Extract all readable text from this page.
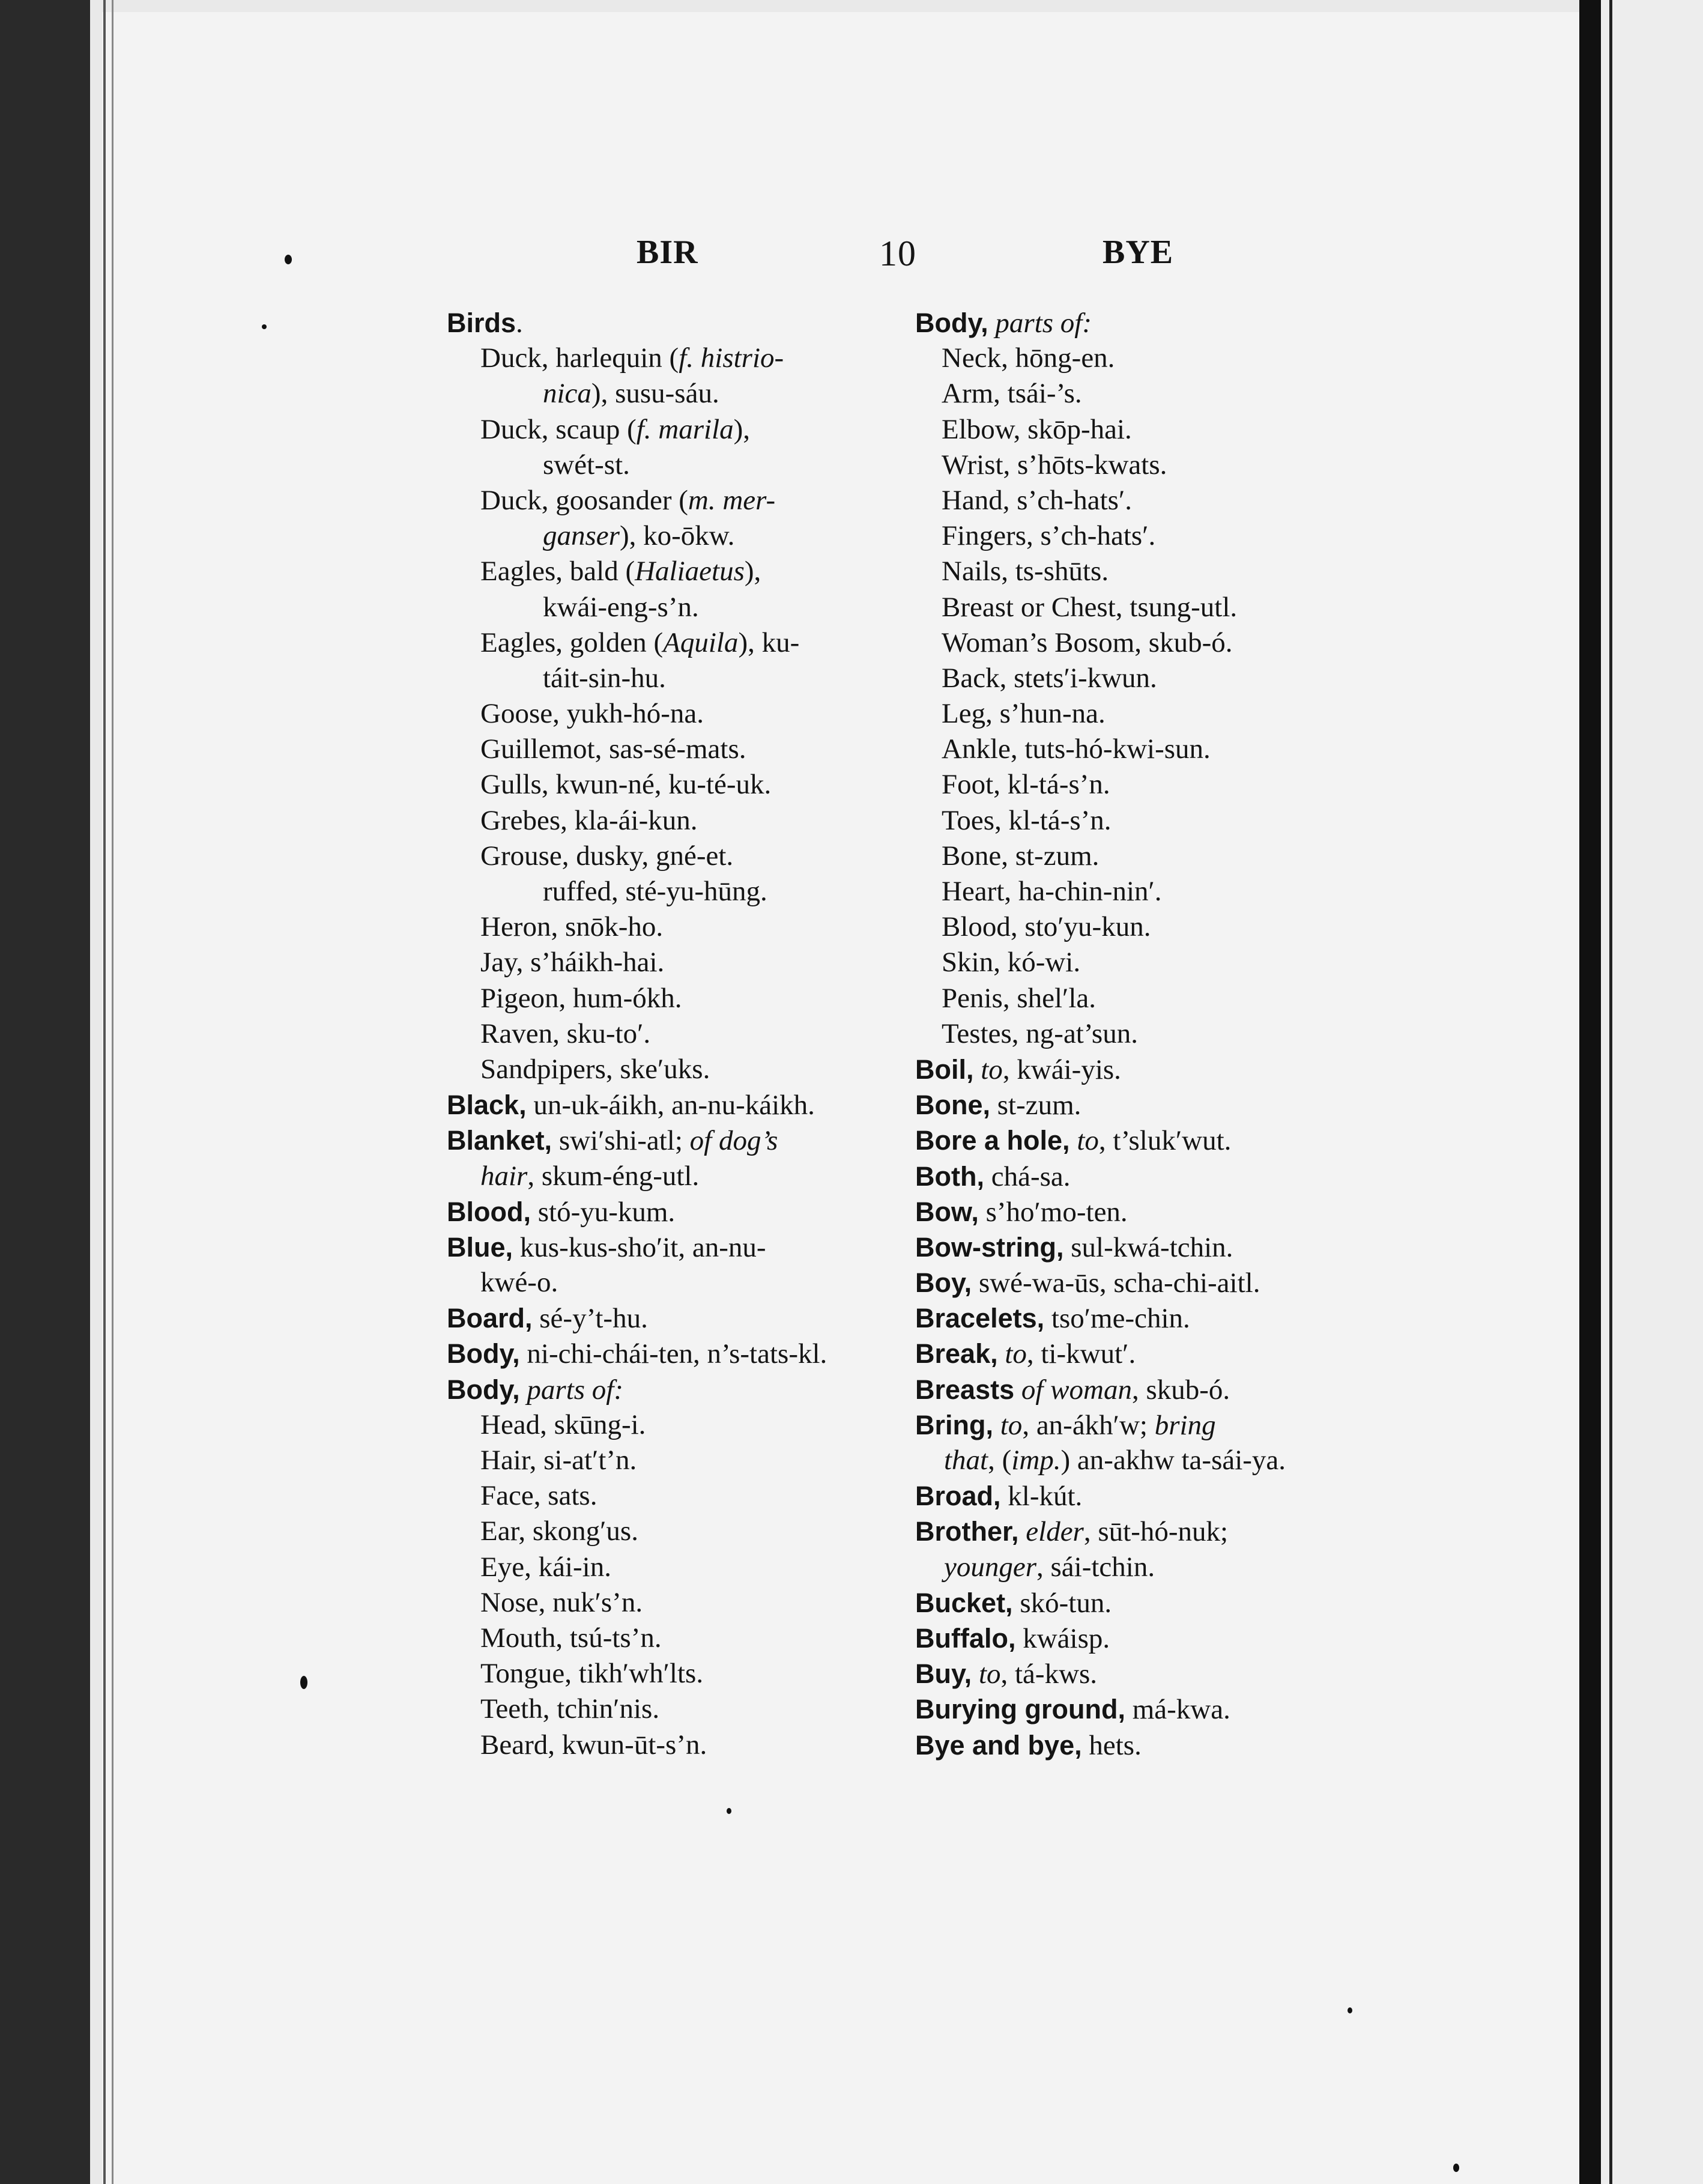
BIR	10	BYE
Birds.
Duck, harlequin (f. histrio-
nica), susu-sáu.
Duck, scaup (f. marila),
swét-st.
Duck, goosander (m. mer-
ganser), ko-ōkw.
Eagles, bald (Haliaetus),
kwái-eng-s’n.
Eagles, golden (Aquila), ku-
táit-sin-hu.
Goose, yukh-hó-na.
Guillemot, sas-sé-mats.
Gulls, kwun-né, ku-té-uk.
Grebes, kla-ái-kun.
Grouse, dusky, gné-et.
ruffed, sté-yu-hūng.
Heron, snōk-ho.
Jay, s’háikh-hai.
Pigeon, hum-ókh.
Raven, sku-to′.
Sandpipers, ske′uks.
Black, un-uk-áikh, an-nu-káikh.
Blanket, swi′shi-atl; of dog’s
hair, skum-éng-utl.
Blood, stó-yu-kum.
Blue, kus-kus-sho′it, an-nu-
kwé-o.
Board, sé-y’t-hu.
Body, ni-chi-chái-ten, n’s-tats-kl.
Body, parts of:
Head, skūng-i.
Hair, si-at′t’n.
Face, sats.
Ear, skong′us.
Eye, kái-in.
Nose, nuk′s’n.
Mouth, tsú-ts’n.
Tongue, tikh′wh′lts.
Teeth, tchin′nis.
Beard, kwun-ūt-s’n.
Body, parts of:
Neck, hōng-en.
Arm, tsái-’s.
Elbow, skōp-hai.
Wrist, s’hōts-kwats.
Hand, s’ch-hats′.
Fingers, s’ch-hats′.
Nails, ts-shūts.
Breast or Chest, tsung-utl.
Woman’s Bosom, skub-ó.
Back, stets′i-kwun.
Leg, s’hun-na.
Ankle, tuts-hó-kwi-sun.
Foot, kl-tá-s’n.
Toes, kl-tá-s’n.
Bone, st-zum.
Heart, ha-chin-nin′.
Blood, sto′yu-kun.
Skin, kó-wi.
Penis, shel′la.
Testes, ng-at’sun.
Boil, to, kwái-yis.
Bone, st-zum.
Bore a hole, to, t’sluk′wut.
Both, chá-sa.
Bow, s’ho′mo-ten.
Bow-string, sul-kwá-tchin.
Boy, swé-wa-ūs, scha-chi-aitl.
Bracelets, tso′me-chin.
Break, to, ti-kwut′.
Breasts of woman, skub-ó.
Bring, to, an-ákh′w; bring
that, (imp.) an-akhw ta-sái-ya.
Broad, kl-kút.
Brother, elder, sūt-hó-nuk;
younger, sái-tchin.
Bucket, skó-tun.
Buffalo, kwáisp.
Buy, to, tá-kws.
Burying ground, má-kwa.
Bye and bye, hets.
